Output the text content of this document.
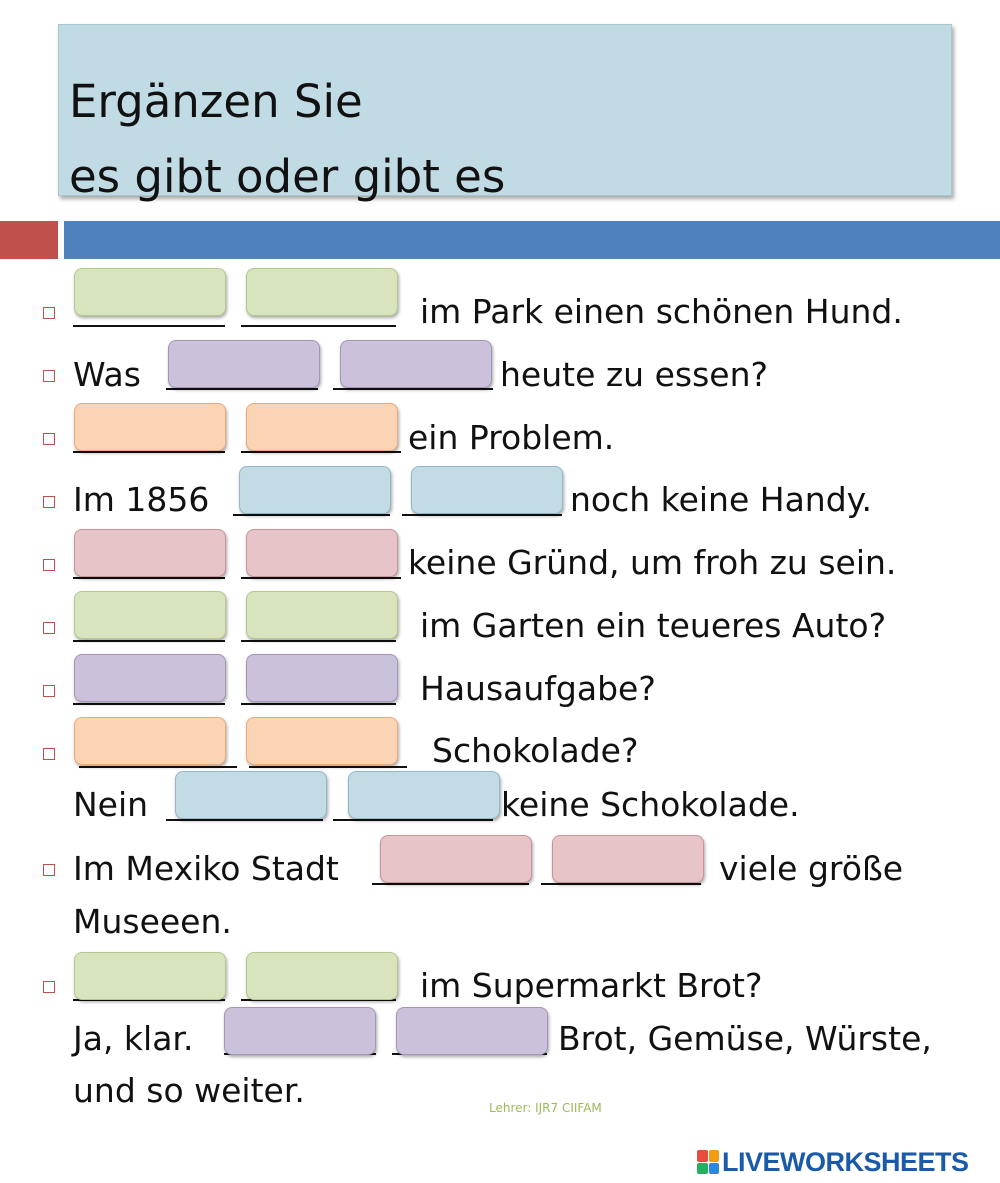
Ergänzen Sie
es gibt oder gibt es
im Park einen schönen Hund.
Was	heute zu essen?
ein Problem.
Im 1856	noch keine Handy.
keine Gründ, um froh zu sein.
im Garten ein teueres Auto?
Hausaufgabe?
Schokolade?
Nein	keine Schokolade.
Im Mexiko Stadt	viele größe
Museeen.
im Supermarkt Brot?
Ja, klar.	Brot, Gemüse, Würste,
und so weiter.	Lehrer: IJR7 CIIFAM
LIVEWORKSHEETS
